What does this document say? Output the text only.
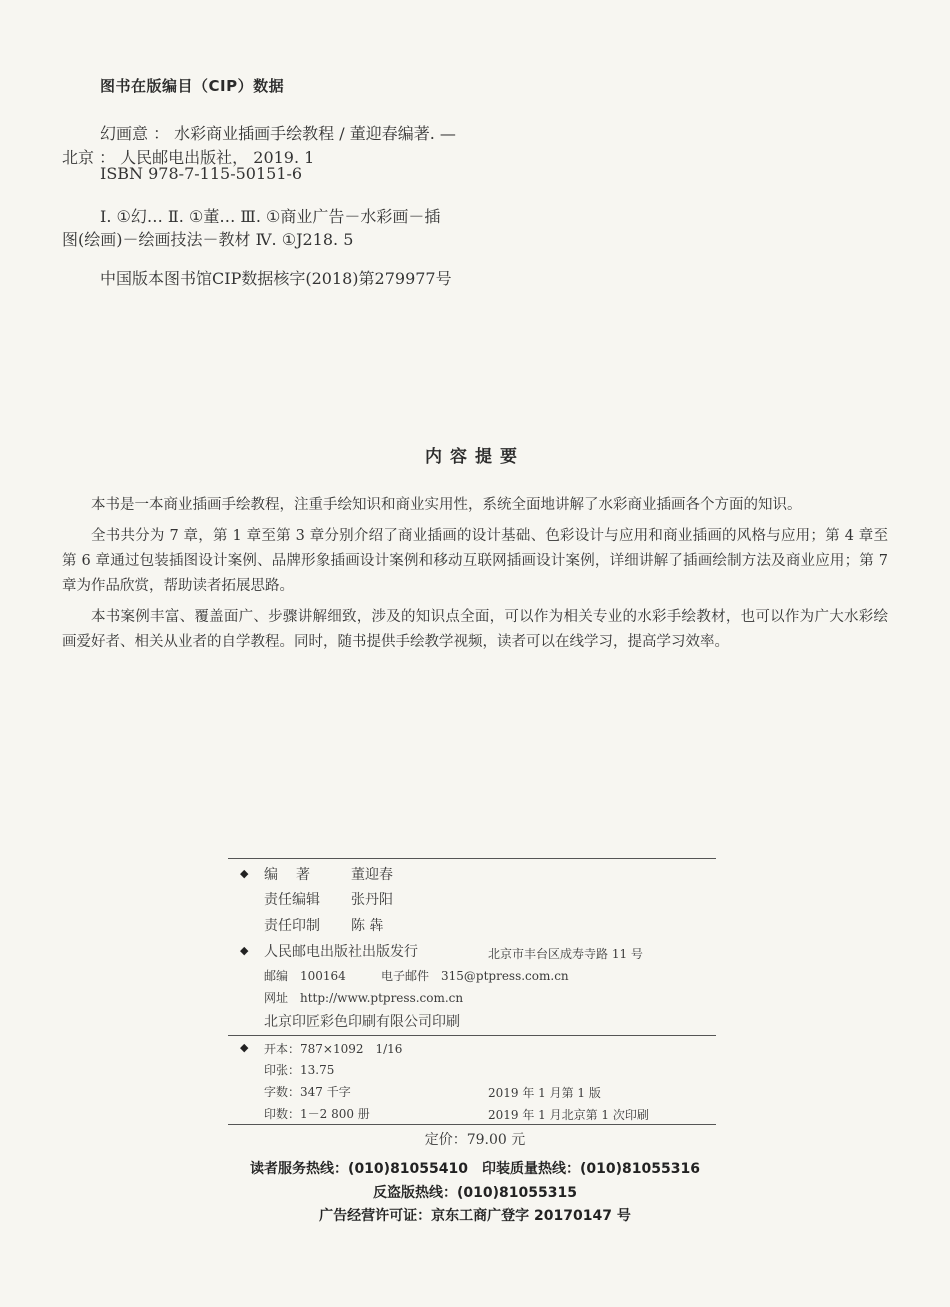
图书在版编目（CIP）数据
幻画意 ： 水彩商业插画手绘教程 / 董迎春编著. —
北京 ： 人民邮电出版社， 2019. 1
ISBN 978-7-115-50151-6
Ⅰ. ①幻… Ⅱ. ①董… Ⅲ. ①商业广告－水彩画－插
图(绘画)－绘画技法－教材 Ⅳ. ①J218. 5
中国版本图书馆CIP数据核字(2018)第279977号
内容提要

本书是一本商业插画手绘教程，注重手绘知识和商业实用性，系统全面地讲解了水彩商业插画各个方面的知识。

全书共分为 7 章，第 1 章至第 3 章分别介绍了商业插画的设计基础、色彩设计与应用和商业插画的风格与应用；第 4 章至第 6 章通过包装插图设计案例、品牌形象插画设计案例和移动互联网插画设计案例，详细讲解了插画绘制方法及商业应用；第 7 章为作品欣赏，帮助读者拓展思路。

本书案例丰富、覆盖面广、步骤讲解细致，涉及的知识点全面，可以作为相关专业的水彩手绘教材，也可以作为广大水彩绘画爱好者、相关从业者的自学教程。同时，随书提供手绘教学视频，读者可以在线学习，提高学习效率。

◆ 编著 董迎春
责任编辑 张丹阳
责任印制 陈 犇
◆ 人民邮电出版社出版发行	北京市丰台区成寿寺路 11 号
邮编　100164	电子邮件　315@ptpress.com.cn
网址　http://www.ptpress.com.cn
北京印匠彩色印刷有限公司印刷
◆ 开本：787×1092　1/16
印张：13.75
字数：347 千字	2019 年 1 月第 1 版
印数：1－2 800 册	2019 年 1 月北京第 1 次印刷
定价：79.00 元
读者服务热线：(010)81055410　印装质量热线：(010)81055316
反盗版热线：(010)81055315
广告经营许可证：京东工商广登字 20170147 号
